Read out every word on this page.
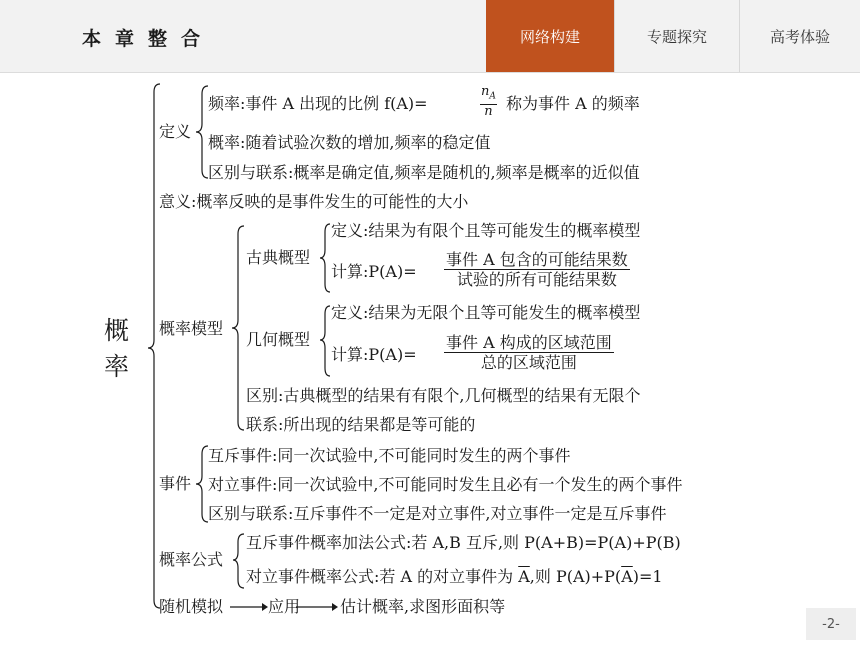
本章整合	网络构建	专题探究	高考体验
概
率
定义
频率:事件 A 出现的比例 f(A)=	$\frac{n_A}{n}$ 称为事件 A 的频率
概率:随着试验次数的增加,频率的稳定值
区别与联系:概率是确定值,频率是随机的,频率是概率的近似值
意义:概率反映的是事件发生的可能性的大小
概率模型
古典概型
定义:结果为有限个且等可能发生的概率模型
计算:P(A)=
事件 A 包含的可能结果数
试验的所有可能结果数
几何概型
定义:结果为无限个且等可能发生的概率模型
计算:P(A)=
事件 A 构成的区域范围
总的区域范围
区别:古典概型的结果有有限个,几何概型的结果有无限个
联系:所出现的结果都是等可能的
事件
互斥事件:同一次试验中,不可能同时发生的两个事件
对立事件:同一次试验中,不可能同时发生且必有一个发生的两个事件
区别与联系:互斥事件不一定是对立事件,对立事件一定是互斥事件
概率公式
互斥事件概率加法公式:若 A,B 互斥,则 P(A+B)=P(A)+P(B)
对立事件概率公式:若 A 的对立事件为 $\overline{A}$,则 $P(A)+P(\overline{A})=1$
随机模拟	应用 估计概率,求图形面积等
-2-
